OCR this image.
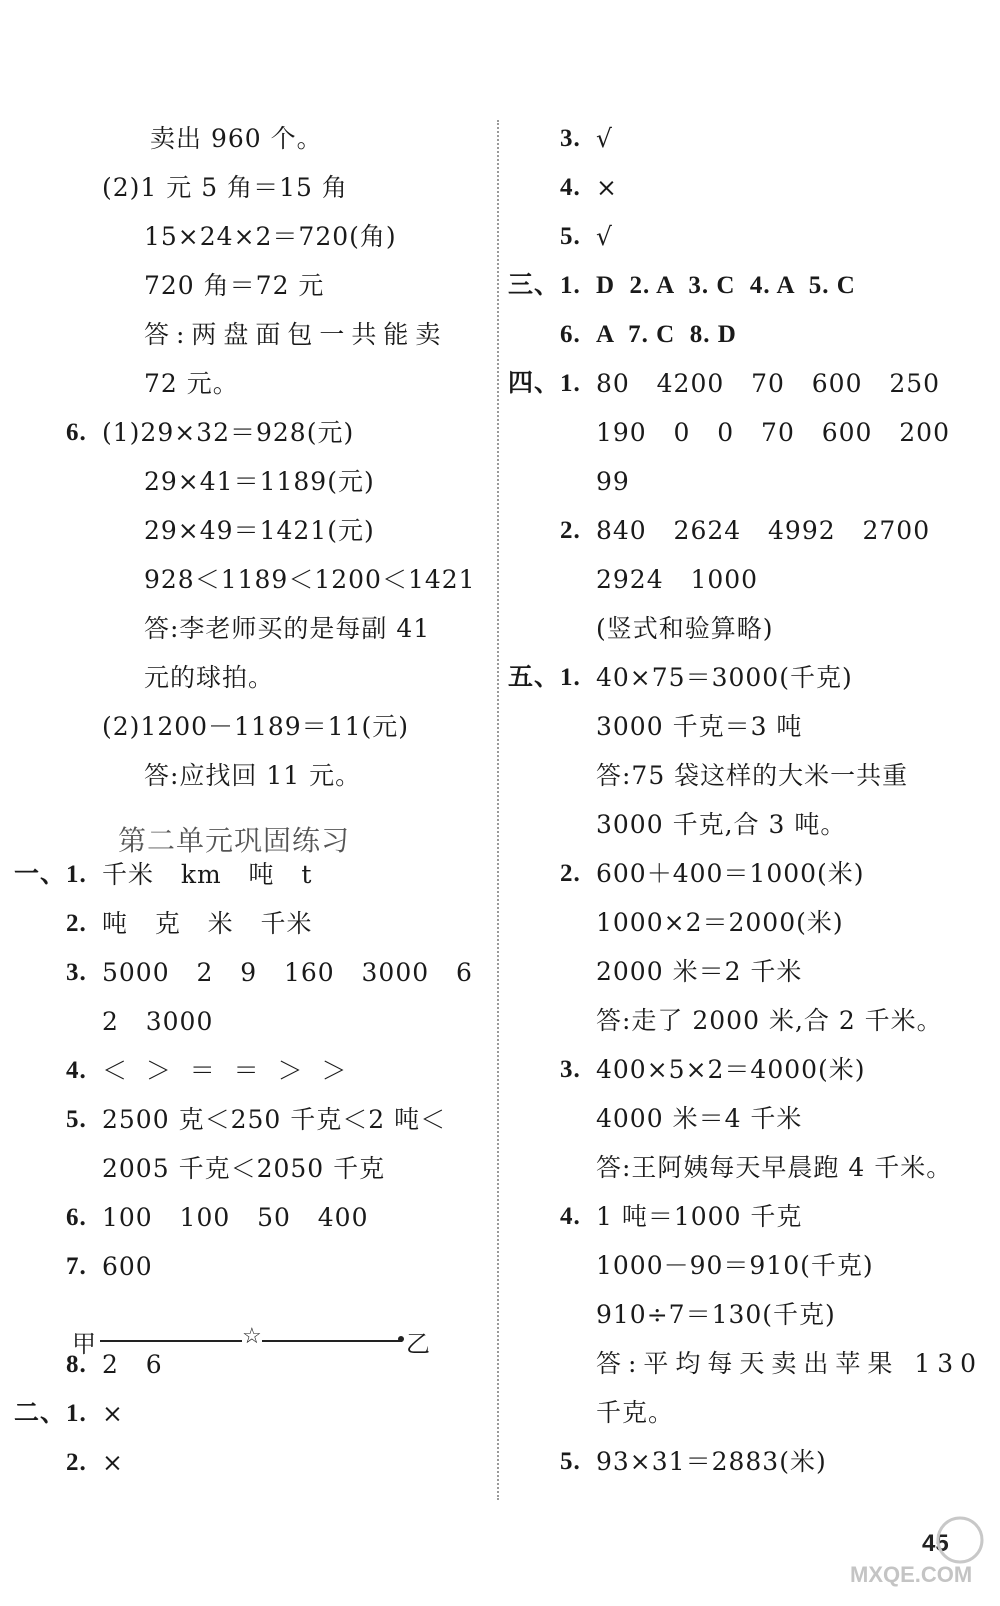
卖出 960 个。
(2)1 元 5 角＝15 角
15×24×2＝720(角)
720 角＝72 元
答:两盘面包一共能卖
72 元。
6. (1)29×32＝928(元)
29×41＝1189(元)
29×49＝1421(元)
928＜1189＜1200＜1421
答:李老师买的是每副 41
元的球拍。
(2)1200－1189＝11(元)
答:应找回 11 元。
一、1. 千米   km   吨   t
2. 吨   克   米   千米
3. 5000   2   9   160   3000   6
2   3000
4. ＜  ＞  ＝  ＝  ＞  ＞
5. 2500 克＜250 千克＜2 吨＜
2005 千克＜2050 千克
6. 100   100   50   400
7. 600
8. 2   6
二、1. ×
2. ×
3. √
4. ×
5. √
三、1. D  2. A  3. C  4. A  5. C
6. A  7. C  8. D
四、1. 80   4200   70   600   250
190   0   0   70   600   200
99
2. 840   2624   4992   2700
2924   1000
(竖式和验算略)
五、1. 40×75＝3000(千克)
3000 千克＝3 吨
答:75 袋这样的大米一共重
3000 千克,合 3 吨。
2. 600＋400＝1000(米)
1000×2＝2000(米)
2000 米＝2 千米
答:走了 2000 米,合 2 千米。
3. 400×5×2＝4000(米)
4000 米＝4 千米
答:王阿姨每天早晨跑 4 千米。
4. 1 吨＝1000 千克
1000－90＝910(千克)
910÷7＝130(千克)
答:平均每天卖出苹果 130
千克。
5. 93×31＝2883(米)
第二单元巩固练习
甲	☆	乙
45
MXQE.COM
